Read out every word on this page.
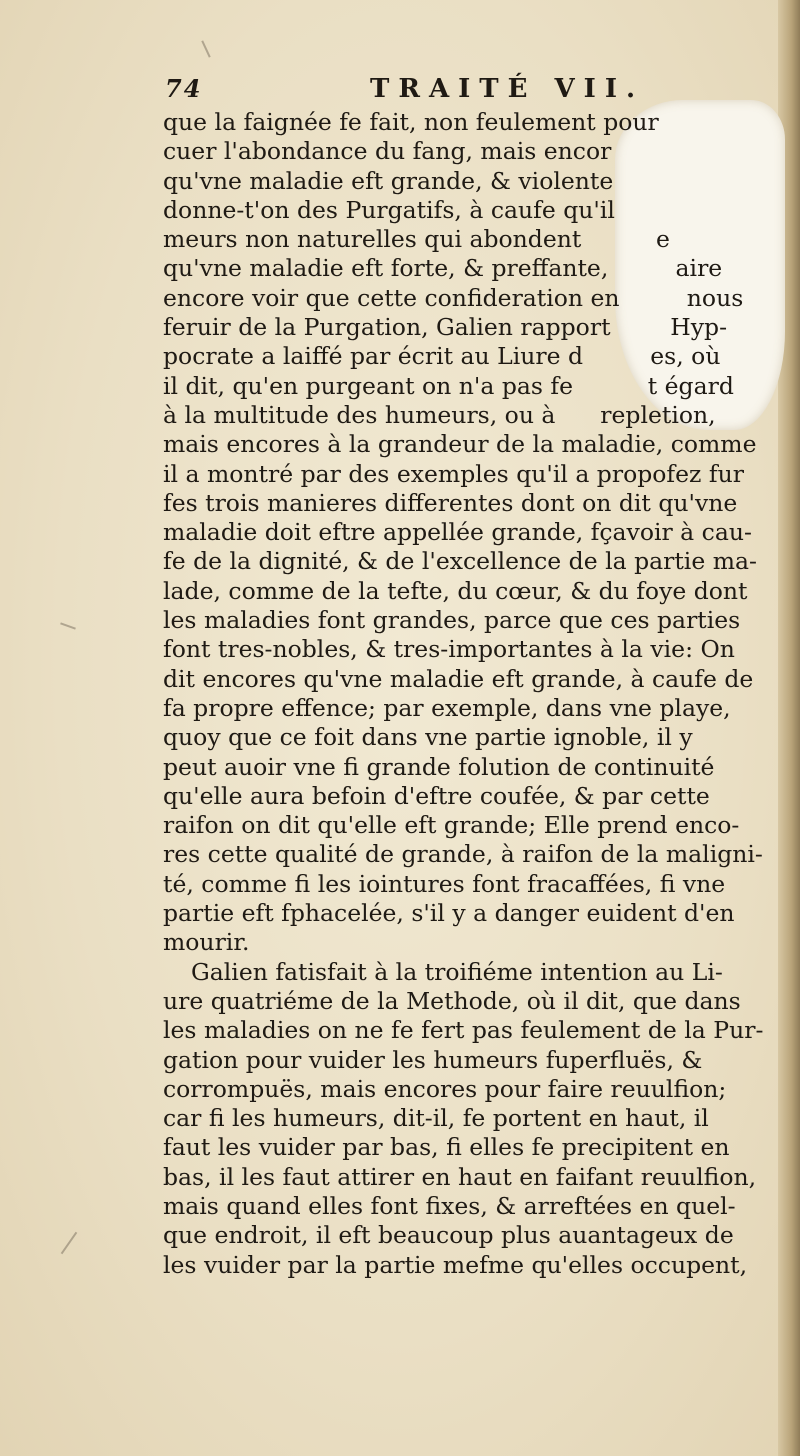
74	TRAITÉ VII.
que la faignée fe fait, non feulement pour
cuer l'abondance du fang, mais encor
qu'vne maladie eft grande, & violente
donne-t'on des Purgatifs, à caufe qu'il
meurs non naturelles qui abondent          e
qu'vne maladie eft forte, & preffante,         aire
encore voir que cette confideration en         nous
feruir de la Purgation, Galien rapport        Hyp-
pocrate a laiffé par écrit au Liure d         es, où
il dit, qu'en purgeant on n'a pas fe          t égard
à la multitude des humeurs, ou à      repletion,
mais encores à la grandeur de la maladie, comme
il a montré par des exemples qu'il a propofez fur
fes trois manieres differentes dont on dit qu'vne
maladie doit eftre appellée grande, fçavoir à cau-
fe de la dignité, & de l'excellence de la partie ma-
lade, comme de la tefte, du cœur, & du foye dont
les maladies font grandes, parce que ces parties
font tres-nobles, & tres-importantes à la vie: On
dit encores qu'vne maladie eft grande, à caufe de
fa propre effence; par exemple, dans vne playe,
quoy que ce foit dans vne partie ignoble, il y
peut auoir vne fi grande folution de continuité
qu'elle aura befoin d'eftre coufée, & par cette
raifon on dit qu'elle eft grande; Elle prend enco-
res cette qualité de grande, à raifon de la maligni-
té, comme fi les iointures font fracaffées, fi vne
partie eft fphacelée, s'il y a danger euident d'en
mourir.
Galien fatisfait à la troifiéme intention au Li-
ure quatriéme de la Methode, où il dit, que dans
les maladies on ne fe fert pas feulement de la Pur-
gation pour vuider les humeurs fuperfluës, &
corrompuës, mais encores pour faire reuulfion;
car fi les humeurs, dit-il, fe portent en haut, il
faut les vuider par bas, fi elles fe precipitent en
bas, il les faut attirer en haut en faifant reuulfion,
mais quand elles font fixes, & arreftées en quel-
que endroit, il eft beaucoup plus auantageux de
les vuider par la partie mefme qu'elles occupent,
